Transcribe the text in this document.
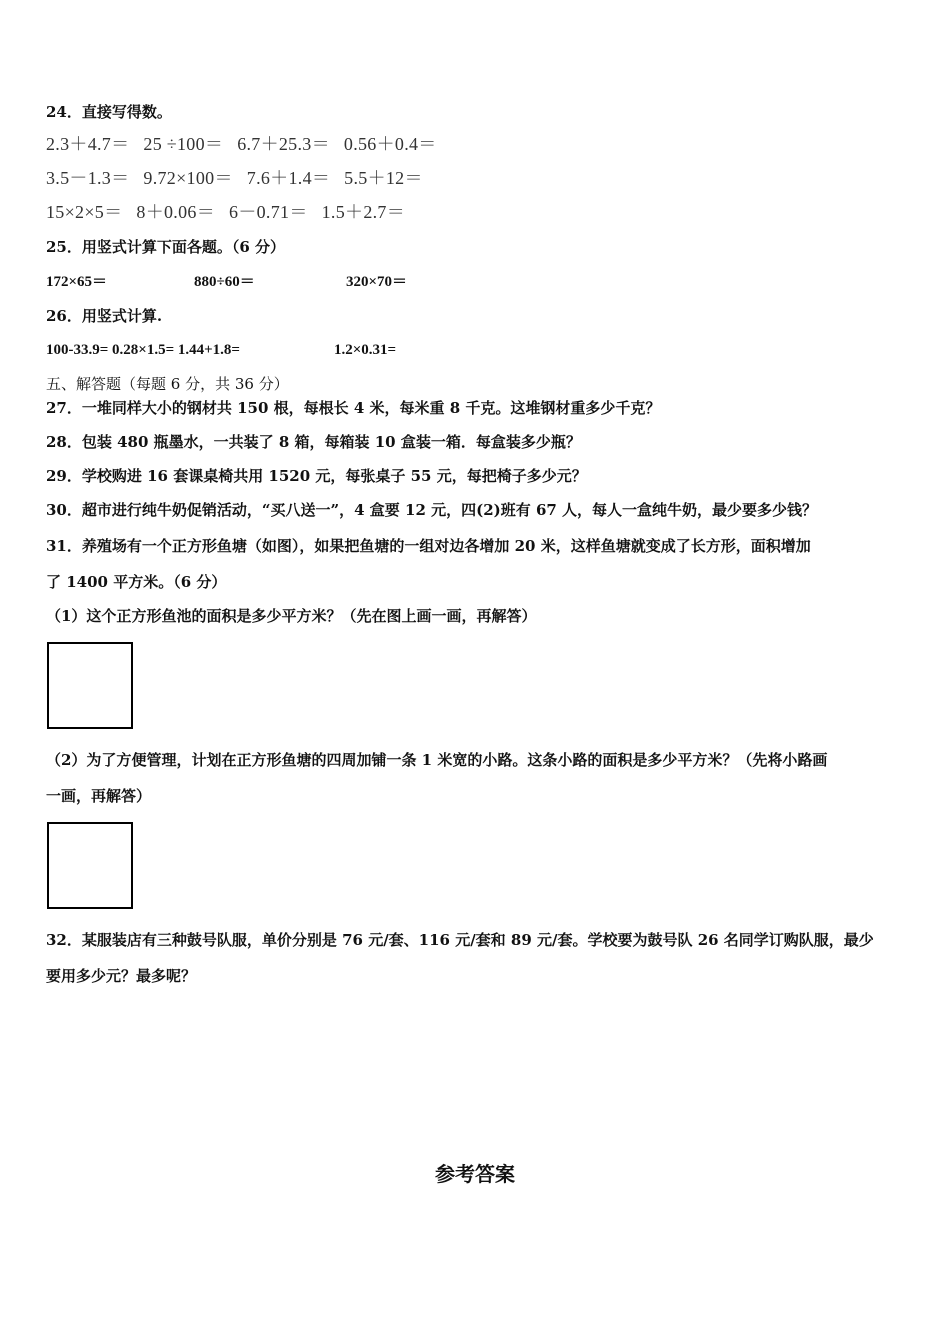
24．直接写得数。
2.3＋4.7＝ 25 ÷100＝ 6.7＋25.3＝ 0.56＋0.4＝
3.5－1.3＝ 9.72×100＝ 7.6＋1.4＝ 5.5＋12＝
15×2×5＝ 8＋0.06＝ 6－0.71＝ 1.5＋2.7＝
25．用竖式计算下面各题。（6 分）
172×65＝	880÷60＝	320×70＝
26．用竖式计算.
100-33.9= 0.28×1.5= 1.44+1.8=	1.2×0.31=
五、解答题（每题 6 分，共 36 分）
27．一堆同样大小的钢材共 150 根，每根长 4 米，每米重 8 千克。这堆钢材重多少千克？
28．包装 480 瓶墨水，一共装了 8 箱，每箱装 10 盒装一箱．每盒装多少瓶？
29．学校购进 16 套课桌椅共用 1520 元，每张桌子 55 元，每把椅子多少元？
30．超市进行纯牛奶促销活动，“买八送一”，4 盒要 12 元，四(2)班有 67 人，每人一盒纯牛奶，最少要多少钱？
31．养殖场有一个正方形鱼塘（如图），如果把鱼塘的一组对边各增加 20 米，这样鱼塘就变成了长方形，面积增加
了 1400 平方米。（6 分）
（1）这个正方形鱼池的面积是多少平方米？（先在图上画一画，再解答）
（2）为了方便管理，计划在正方形鱼塘的四周加铺一条 1 米宽的小路。这条小路的面积是多少平方米？（先将小路画
一画，再解答）
32．某服装店有三种鼓号队服，单价分别是 76 元/套、116 元/套和 89 元/套。学校要为鼓号队 26 名同学订购队服，最少
要用多少元？最多呢？
参考答案
